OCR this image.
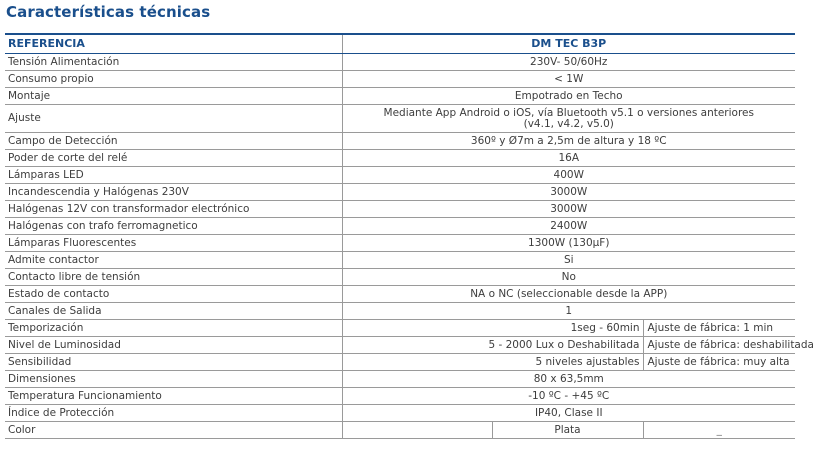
Características técnicas
REFERENCIA	DM TEC B3P		
Tensión Alimentación	230V- 50/60Hz		
Consumo propio	< 1W		
Montaje	Empotrado en Techo		
Ajuste	Mediante App Android o iOS, vía Bluetooth v5.1 o versiones anteriores
(v4.1, v4.2, v5.0)		

Campo de Detección	360º y Ø7m a 2,5m de altura y 18 ºC		
Poder de corte del relé	16A		
Lámparas LED	400W		
Incandescendia y Halógenas 230V	3000W		
Halógenas 12V con transformador electrónico	3000W		
Halógenas con trafo ferromagnetico	2400W		
Lámparas Fluorescentes	1300W (130μF)		
Admite contactor	Si		
Contacto libre de tensión	No		
Estado de contacto	NA o NC (seleccionable desde la APP)		
Canales de Salida	1		
Temporización	1seg - 60min		Ajuste de fábrica: 1 min
Nivel de Luminosidad	5 - 2000 Lux o Deshabilitada		Ajuste de fábrica: deshabilitada
Sensibilidad	5 niveles ajustables		Ajuste de fábrica: muy alta
Dimensiones	80 x 63,5mm		
Temperatura Funcionamiento	-10 ºC - +45 ºC		
Índice de Protección	IP40, Clase II		
Color		Plata	_
